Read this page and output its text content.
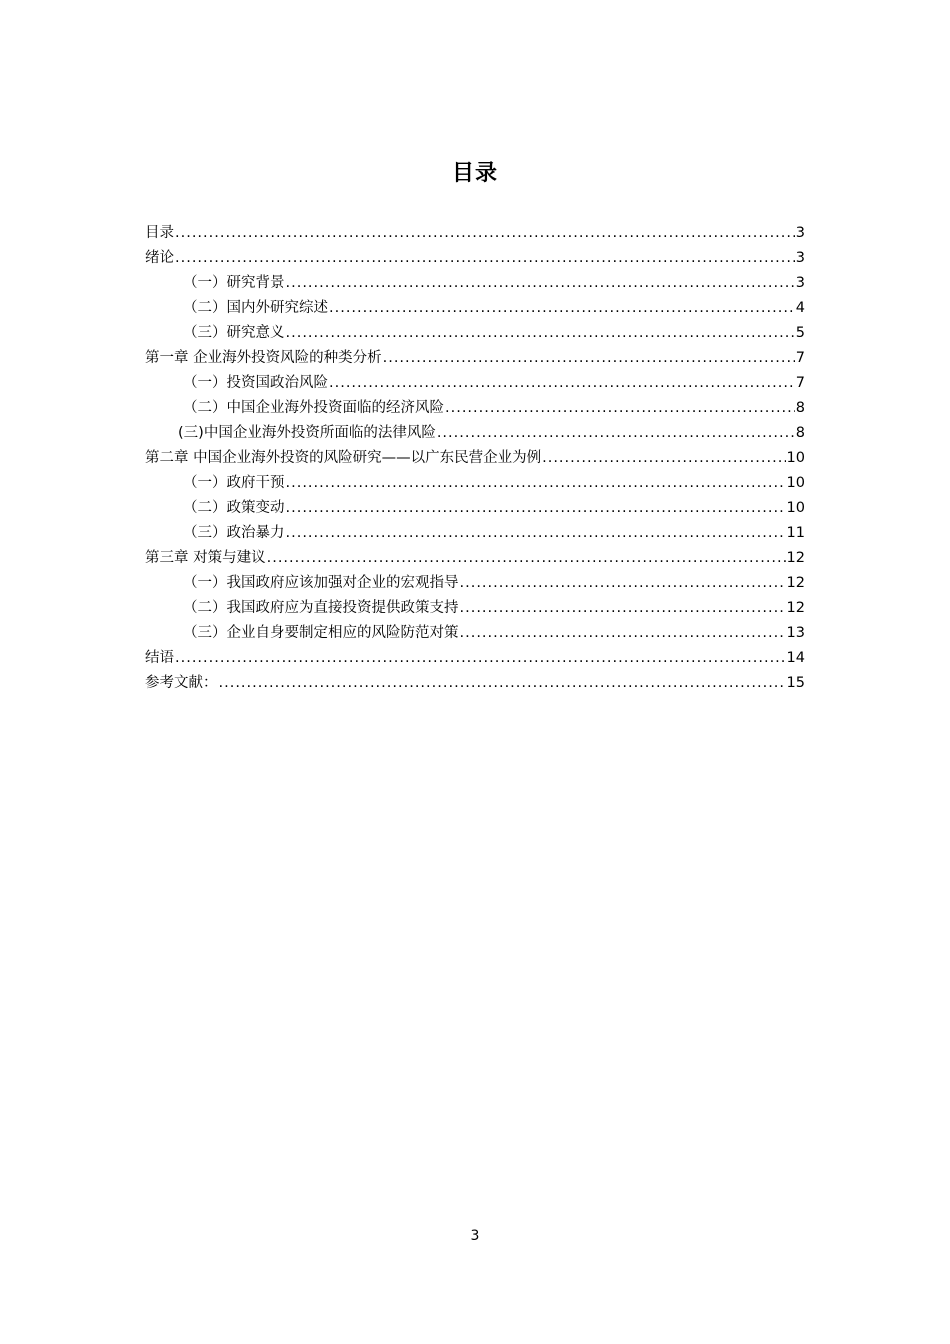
目录
目录 .....	3
绪论 .....	3
（一）研究背景 .....	3
（二）国内外研究综述 .....	4
（三）研究意义 .....	5
第一章 企业海外投资风险的种类分析 .....	7
（一）投资国政治风险 .....	7
（二）中国企业海外投资面临的经济风险 .....	8
(三)中国企业海外投资所面临的法律风险 .....	8
第二章 中国企业海外投资的风险研究——以广东民营企业为例 .....	10
（一）政府干预 .....	10
（二）政策变动 .....	10
（三）政治暴力 .....	11
第三章 对策与建议 .....	12
（一）我国政府应该加强对企业的宏观指导 .....	12
（二）我国政府应为直接投资提供政策支持 .....	12
（三）企业自身要制定相应的风险防范对策 .....	13
结语 .....	14
参考文献： .....	15
3
